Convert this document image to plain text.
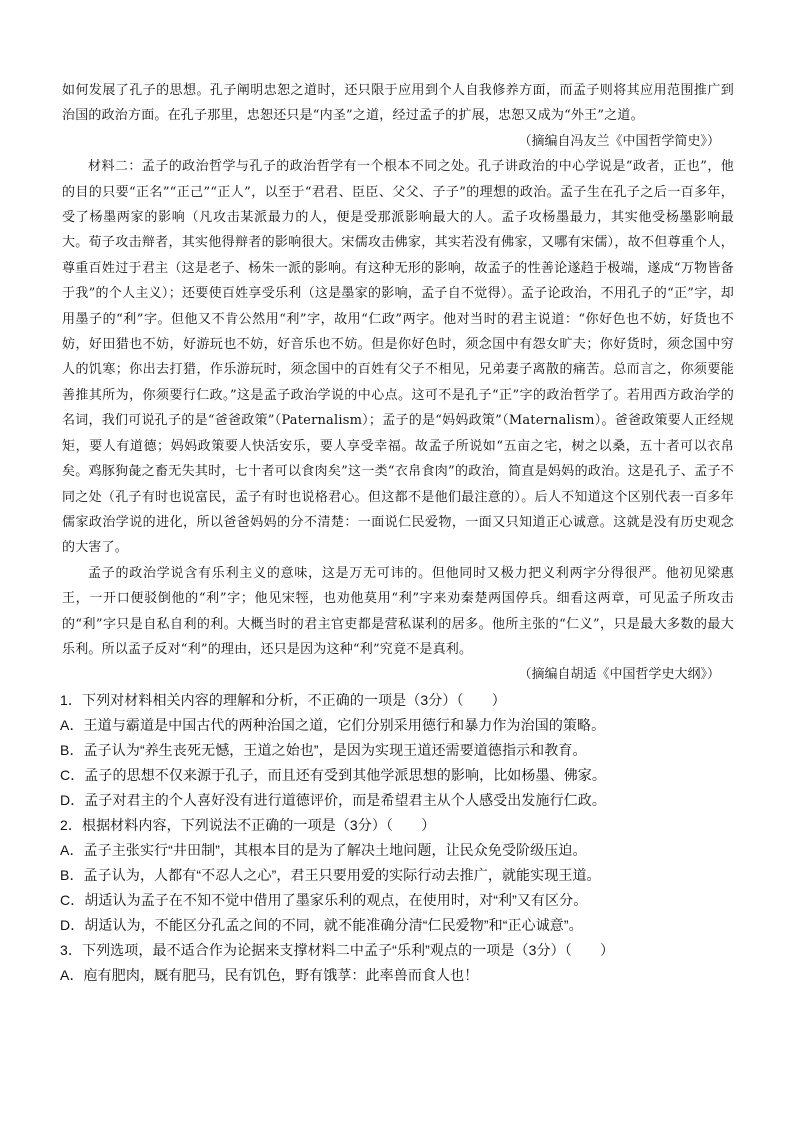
如何发展了孔子的思想。孔子阐明忠恕之道时，还只限于应用到个人自我修养方面，而孟子则将其应用范围推广到治国的政治方面。在孔子那里，忠恕还只是“内圣”之道，经过孟子的扩展，忠恕又成为“外王”之道。

（摘编自冯友兰《中国哲学简史》）

材料二：孟子的政治哲学与孔子的政治哲学有一个根本不同之处。孔子讲政治的中心学说是“政者，正也”，他的目的只要“正名”“正己”“正人”，以至于“君君、臣臣、父父、子子”的理想的政治。孟子生在孔子之后一百多年，受了杨墨两家的影响（凡攻击某派最力的人，便是受那派影响最大的人。孟子攻杨墨最力，其实他受杨墨影响最大。荀子攻击辩者，其实他得辩者的影响很大。宋儒攻击佛家，其实若没有佛家，又哪有宋儒），故不但尊重个人，尊重百姓过于君主（这是老子、杨朱一派的影响。有这种无形的影响，故孟子的性善论遂趋于极端，遂成“万物皆备于我”的个人主义）；还要使百姓享受乐利（这是墨家的影响，孟子自不觉得）。孟子论政治，不用孔子的“正”字，却用墨子的“利”字。但他又不肯公然用“利”字，故用“仁政”两字。他对当时的君主说道：“你好色也不妨，好货也不妨，好田猎也不妨，好游玩也不妨，好音乐也不妨。但是你好色时，须念国中有怨女旷夫；你好货时，须念国中穷人的饥寒；你出去打猎，作乐游玩时，须念国中的百姓有父子不相见，兄弟妻子离散的痛苦。总而言之，你须要能善推其所为，你须要行仁政。”这是孟子政治学说的中心点。这可不是孔子“正”字的政治哲学了。若用西方政治学的名词，我们可说孔子的是“爸爸政策”（Paternalism）；孟子的是“妈妈政策”（Maternalism）。爸爸政策要人正经规矩，要人有道德；妈妈政策要人快活安乐，要人享受幸福。故孟子所说如“五亩之宅，树之以桑，五十者可以衣帛矣。鸡豚狗彘之畜无失其时，七十者可以食肉矣”这一类“衣帛食肉”的政治，简直是妈妈的政治。这是孔子、孟子不同之处（孔子有时也说富民，孟子有时也说格君心。但这都不是他们最注意的）。后人不知道这个区别代表一百多年儒家政治学说的进化，所以爸爸妈妈的分不清楚：一面说仁民爱物，一面又只知道正心诚意。这就是没有历史观念的大害了。

孟子的政治学说含有乐利主义的意味，这是万无可讳的。但他同时又极力把义利两字分得很严。他初见梁惠王，一开口便驳倒他的“利”字；他见宋牼，也劝他莫用“利”字来劝秦楚两国停兵。细看这两章，可见孟子所攻击的“利”字只是自私自利的利。大概当时的君主官吏都是营私谋利的居多。他所主张的“仁义”，只是最大多数的最大乐利。所以孟子反对“利”的理由，还只是因为这种“利”究竟不是真利。

（摘编自胡适《中国哲学史大纲》）

1．下列对材料相关内容的理解和分析，不正确的一项是（3分）（　　）

A．王道与霸道是中国古代的两种治国之道，它们分别采用德行和暴力作为治国的策略。

B．孟子认为“养生丧死无憾，王道之始也”，是因为实现王道还需要道德指示和教育。

C．孟子的思想不仅来源于孔子，而且还有受到其他学派思想的影响，比如杨墨、佛家。

D．孟子对君主的个人喜好没有进行道德评价，而是希望君主从个人感受出发施行仁政。

2．根据材料内容，下列说法不正确的一项是（3分）（　　）

A．孟子主张实行“井田制”，其根本目的是为了解决土地问题，让民众免受阶级压迫。

B．孟子认为，人都有“不忍人之心”，君王只要用爱的实际行动去推广，就能实现王道。

C．胡适认为孟子在不知不觉中借用了墨家乐利的观点，在使用时，对“利”又有区分。

D．胡适认为，不能区分孔孟之间的不同，就不能准确分清“仁民爱物”和“正心诚意”。

3．下列选项，最不适合作为论据来支撑材料二中孟子“乐利”观点的一项是（3分）（　　）

A．庖有肥肉，厩有肥马，民有饥色，野有饿莩：此率兽而食人也！
